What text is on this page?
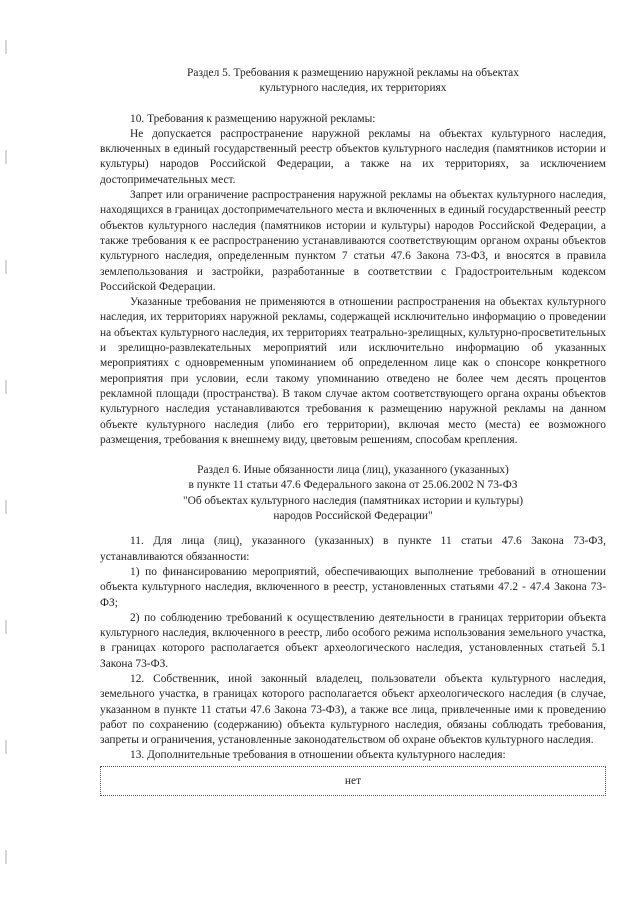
Раздел 5. Требования к размещению наружной рекламы на объектах

культурного наследия, их территориях

10. Требования к размещению наружной рекламы:

Не допускается распространение наружной рекламы на объектах культурного наследия, включенных в единый государственный реестр объектов культурного наследия (памятников истории и культуры) народов Российской Федерации, а также на их территориях, за исключением достопримечательных мест.

Запрет или ограничение распространения наружной рекламы на объектах культурного наследия, находящихся в границах достопримечательного места и включенных в единый государственный реестр объектов культурного наследия (памятников истории и культуры) народов Российской Федерации, а также требования к ее распространению устанавливаются соответствующим органом охраны объектов культурного наследия, определенным пунктом 7 статьи 47.6 Закона 73-ФЗ, и вносятся в правила землепользования и застройки, разработанные в соответствии с Градостроительным кодексом Российской Федерации.

Указанные требования не применяются в отношении распространения на объектах культурного наследия, их территориях наружной рекламы, содержащей исключительно информацию о проведении на объектах культурного наследия, их территориях театрально-зрелищных, культурно-просветительных и зрелищно-развлекательных мероприятий или исключительно информацию об указанных мероприятиях с одновременным упоминанием об определенном лице как о спонсоре конкретного мероприятия при условии, если такому упоминанию отведено не более чем десять процентов рекламной площади (пространства). В таком случае актом соответствующего органа охраны объектов культурного наследия устанавливаются требования к размещению наружной рекламы на данном объекте культурного наследия (либо его территории), включая место (места) ее возможного размещения, требования к внешнему виду, цветовым решениям, способам крепления.

Раздел 6. Иные обязанности лица (лиц), указанного (указанных)

в пункте 11 статьи 47.6 Федерального закона от 25.06.2002 N 73-ФЗ

"Об объектах культурного наследия (памятниках истории и культуры)

народов Российской Федерации"

11. Для лица (лиц), указанного (указанных) в пункте 11 статьи 47.6 Закона 73-ФЗ, устанавливаются обязанности:

1) по финансированию мероприятий, обеспечивающих выполнение требований в отношении объекта культурного наследия, включенного в реестр, установленных статьями 47.2 - 47.4 Закона 73-ФЗ;

2) по соблюдению требований к осуществлению деятельности в границах территории объекта культурного наследия, включенного в реестр, либо особого режима использования земельного участка, в границах которого располагается объект археологического наследия, установленных статьей 5.1 Закона 73-ФЗ.

12. Собственник, иной законный владелец, пользователи объекта культурного наследия, земельного участка, в границах которого располагается объект археологического наследия (в случае, указанном в пункте 11 статьи 47.6 Закона 73-ФЗ), а также все лица, привлеченные ими к проведению работ по сохранению (содержанию) объекта культурного наследия, обязаны соблюдать требования, запреты и ограничения, установленные законодательством об охране объектов культурного наследия.

13. Дополнительные требования в отношении объекта культурного наследия:

нет
